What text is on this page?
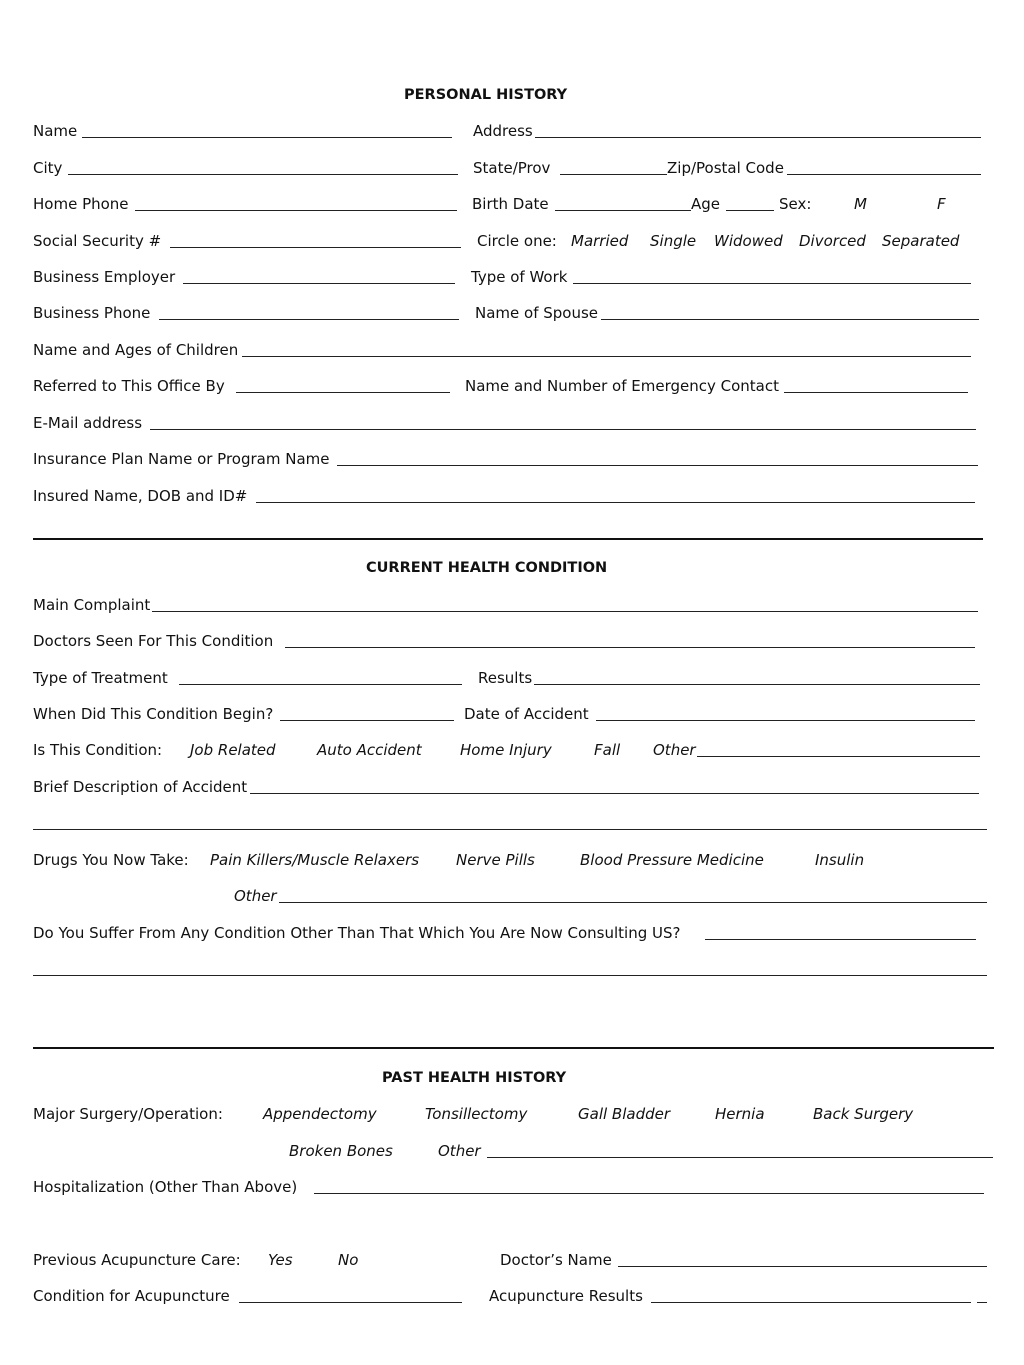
PERSONAL HISTORY
Name	Address
City	State/Prov	Zip/Postal Code
Home Phone	Birth Date	Age	Sex:	M	F
Social Security #	Circle one: Married Single Widowed Divorced Separated
Business Employer	Type of Work
Business Phone	Name of Spouse
Name and Ages of Children
Referred to This Office By	Name and Number of Emergency Contact
E-Mail address
Insurance Plan Name or Program Name
Insured Name, DOB and ID#
CURRENT HEALTH CONDITION
Main Complaint
Doctors Seen For This Condition
Type of Treatment	Results
When Did This Condition Begin?	Date of Accident
Is This Condition: Job Related	Auto Accident	Home Injury	Fall Other
Brief Description of Accident
Drugs You Now Take: Pain Killers/Muscle Relaxers Nerve Pills	Blood Pressure Medicine	Insulin
Other
Do You Suffer From Any Condition Other Than That Which You Are Now Consulting US?
PAST HEALTH HISTORY
Major Surgery/Operation:	Appendectomy	Tonsillectomy	Gall Bladder	Hernia	Back Surgery
Broken Bones	Other
Hospitalization (Other Than Above)
Previous Acupuncture Care: Yes	No	Doctor’s Name
Condition for Acupuncture	Acupuncture Results
